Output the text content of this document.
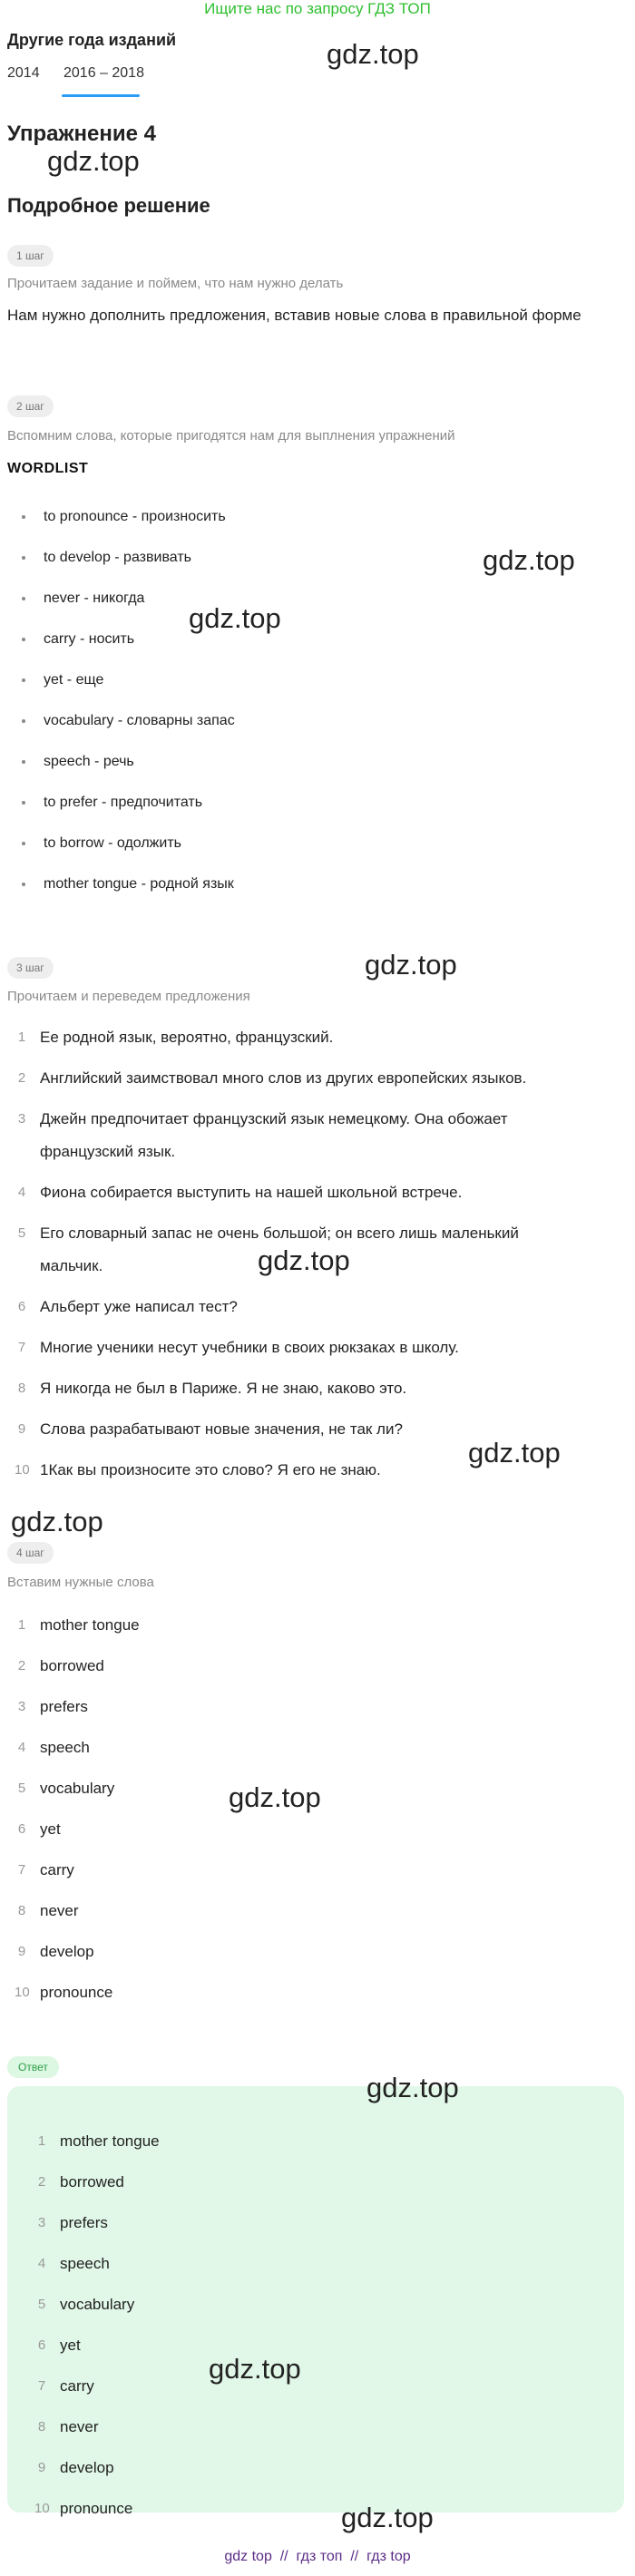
Ищите нас по запросу ГДЗ ТОП
Другие года изданий
2014 2016 – 2018
Упражнение 4
Подробное решение
1 шаг
Прочитаем задание и поймем, что нам нужно делать
Нам нужно дополнить предложения, вставив новые слова в правильной форме
2 шаг
Вспомним слова, которые пригодятся нам для выплнения упражнений
WORDLIST
to pronounce - произносить
to develop - развивать
never - никогда
carry - носить
yet - еще
vocabulary - словарны запас
speech - речь
to prefer - предпочитать
to borrow - одолжить
mother tongue - родной язык
3 шаг
Прочитаем и переведем предложения
1 Ее родной язык, вероятно, французский.
2 Английский заимствовал много слов из других европейских языков.
3 Джейн предпочитает французский язык немецкому. Она обожает французский язык.
4 Фиона собирается выступить на нашей школьной встрече.
5 Его словарный запас не очень большой; он всего лишь маленький мальчик.
6 Альберт уже написал тест?
7 Многие ученики несут учебники в своих рюкзаках в школу.
8 Я никогда не был в Париже. Я не знаю, каково это.
9 Слова разрабатывают новые значения, не так ли?
10 1Как вы произносите это слово? Я его не знаю.
4 шаг
Вставим нужные слова
1 mother tongue
2 borrowed
3 prefers
4 speech
5 vocabulary
6 yet
7 carry
8 never
9 develop
10 pronounce
Ответ
1 mother tongue
2 borrowed
3 prefers
4 speech
5 vocabulary
6 yet
7 carry
8 never
9 develop
10 pronounce
gdz.top
gdz.top
gdz.top
gdz.top
gdz.top
gdz.top
gdz.top
gdz.top
gdz.top
gdz.top
gdz.top
gdz.top
gdz top // гдз топ // гдз top
